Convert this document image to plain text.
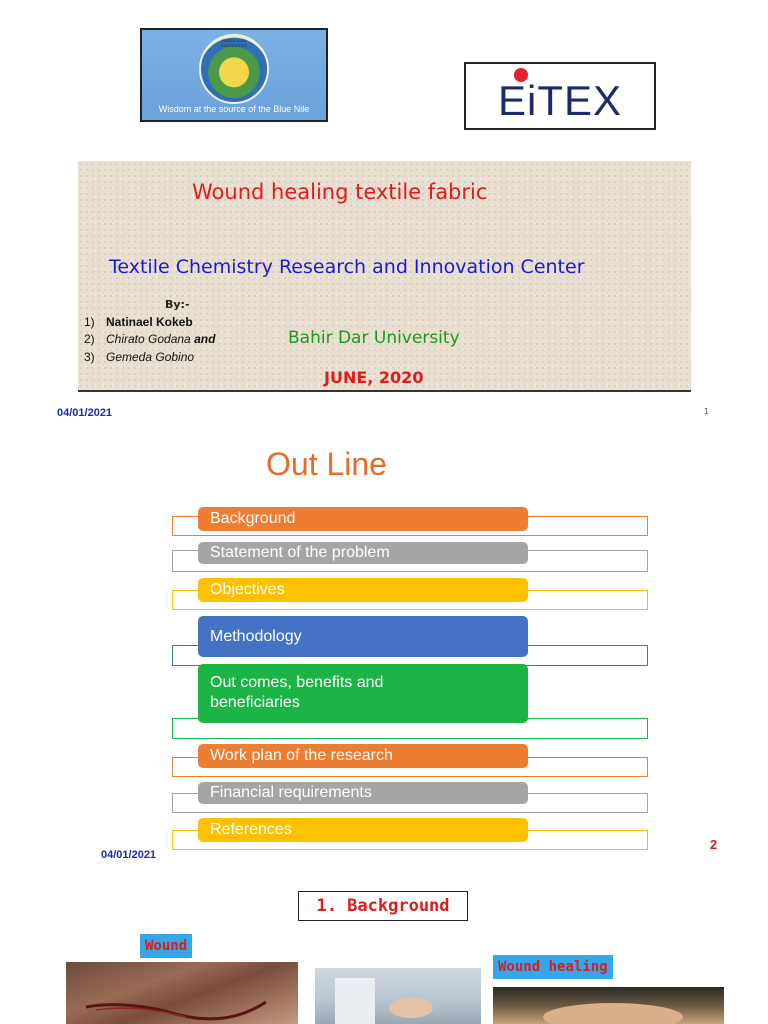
BAHIR DAR UNIVERSITY
Wisdom at the source of the Blue Nile	EiTEX
Wound healing textile fabric
Textile Chemistry Research and Innovation Center
By:-
1) Natinael Kokeb
2) Chirato Godana and
3) Gemeda Gobino
Bahir Dar University
JUNE, 2020
04/01/2021	1
Out Line
Background
Statement of the problem
Objectives
Methodology
Out comes, benefits and beneficiaries
Work plan of the research
Financial requirements
References
04/01/2021
2
1. Background
Wound
Wound healing
